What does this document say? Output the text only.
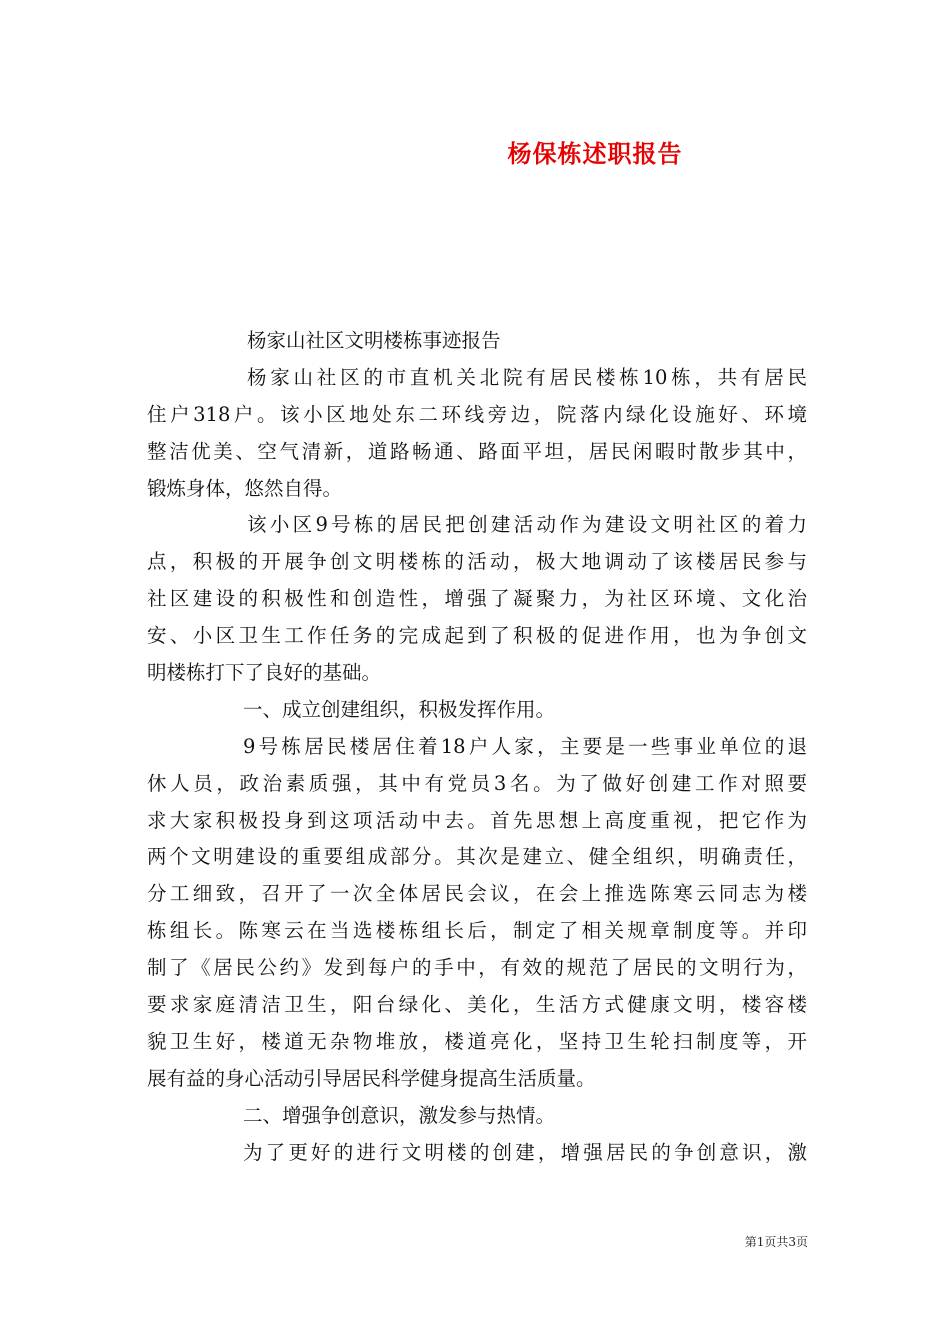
杨保栋述职报告
杨家山社区文明楼栋事迹报告
杨家山社区的市直机关北院有居民楼栋10栋，共有居民
住户318户。该小区地处东二环线旁边，院落内绿化设施好、环境
整洁优美、空气清新，道路畅通、路面平坦，居民闲暇时散步其中，
锻炼身体，悠然自得。
该小区9号栋的居民把创建活动作为建设文明社区的着力
点，积极的开展争创文明楼栋的活动，极大地调动了该楼居民参与
社区建设的积极性和创造性，增强了凝聚力，为社区环境、文化治
安、小区卫生工作任务的完成起到了积极的促进作用，也为争创文
明楼栋打下了良好的基础。
一、成立创建组织，积极发挥作用。
9号栋居民楼居住着18户人家，主要是一些事业单位的退
休人员，政治素质强，其中有党员3名。为了做好创建工作对照要
求大家积极投身到这项活动中去。首先思想上高度重视，把它作为
两个文明建设的重要组成部分。其次是建立、健全组织，明确责任，
分工细致，召开了一次全体居民会议，在会上推选陈寒云同志为楼
栋组长。陈寒云在当选楼栋组长后，制定了相关规章制度等。并印
制了《居民公约》发到每户的手中，有效的规范了居民的文明行为，
要求家庭清洁卫生，阳台绿化、美化，生活方式健康文明，楼容楼
貌卫生好，楼道无杂物堆放，楼道亮化，坚持卫生轮扫制度等，开
展有益的身心活动引导居民科学健身提高生活质量。
二、增强争创意识，激发参与热情。
为了更好的进行文明楼的创建，增强居民的争创意识，激
第1页共3页
